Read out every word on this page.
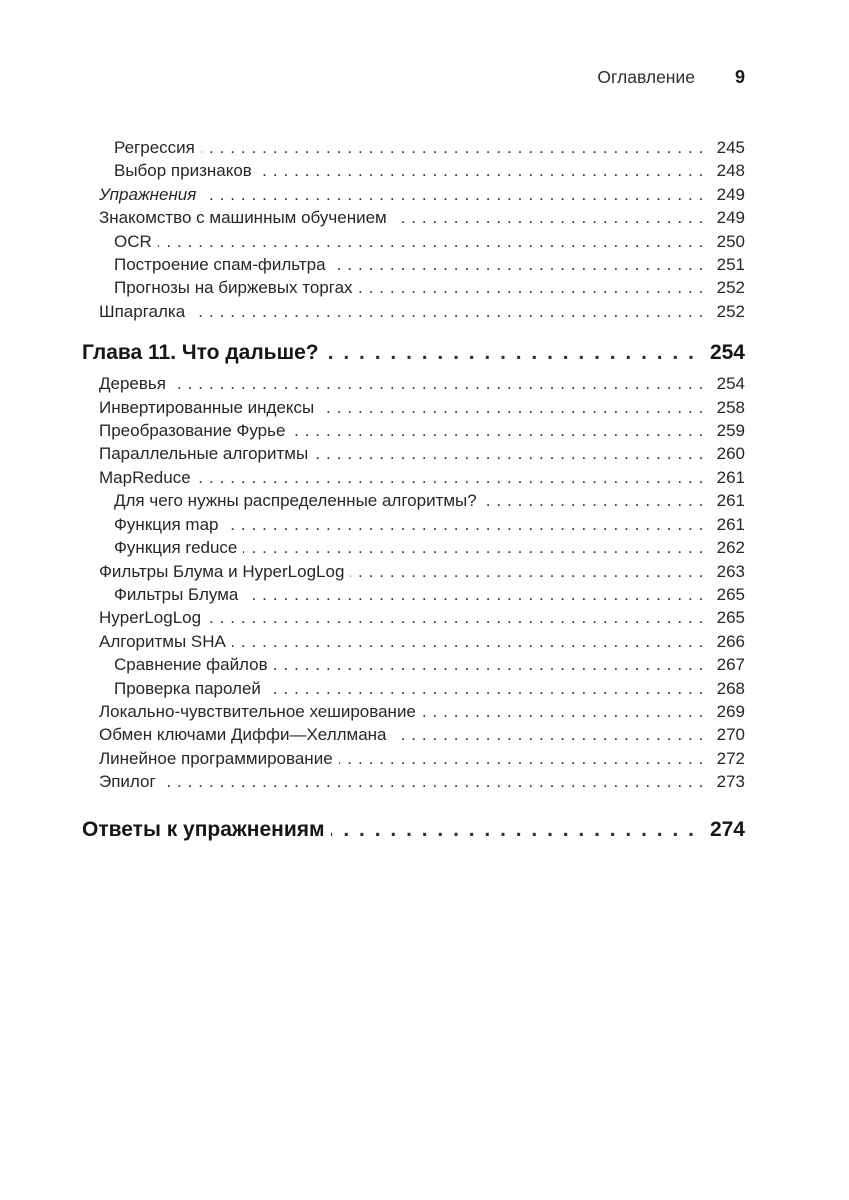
Оглавление 9
Регрессия . . .	245
Выбор признаков . . .	248
Упражнения . . .	249
Знакомство с машинным обучением . . .	249
OCR . . .	250
Построение спам-фильтра . . .	251
Прогнозы на биржевых торгах . . .	252
Шпаргалка . . .	252
Глава 11. Что дальше? . . .	254
Деревья . . .	254
Инвертированные индексы . . .	258
Преобразование Фурье . . .	259
Параллельные алгоритмы . . .	260
MapReduce . . .	261
Для чего нужны распределенные алгоритмы? . . .	261
Функция map . . .	261
Функция reduce . . .	262
Фильтры Блума и HyperLogLog . . .	263
Фильтры Блума . . .	265
HyperLogLog . . .	265
Алгоритмы SHA . . .	266
Сравнение файлов . . .	267
Проверка паролей . . .	268
Локально-чувствительное хеширование . . .	269
Обмен ключами Диффи—Хеллмана . . .	270
Линейное программирование . . .	272
Эпилог . . .	273
Ответы к упражнениям . . .	274
